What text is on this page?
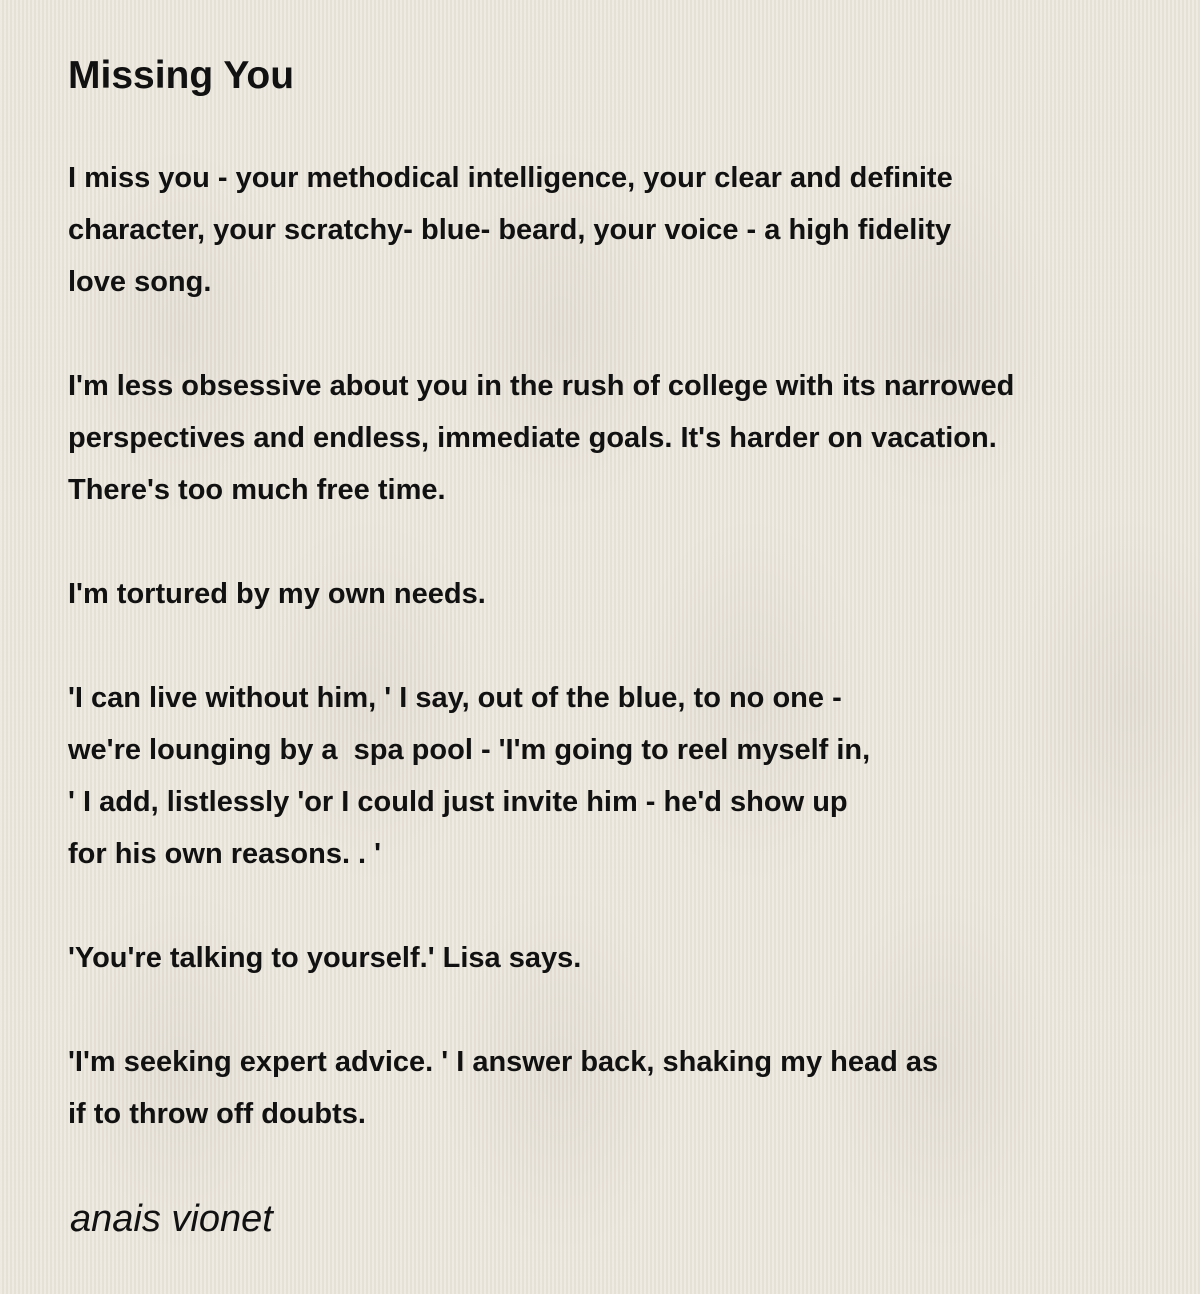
Missing You

I miss you - your methodical intelligence, your clear and definite
character, your scratchy- blue- beard, your voice - a high fidelity
love song.

I'm less obsessive about you in the rush of college with its narrowed
perspectives and endless, immediate goals. It's harder on vacation.
There's too much free time.

I'm tortured by my own needs.

'I can live without him, ' I say, out of the blue, to no one -
we're lounging by a  spa pool - 'I'm going to reel myself in,
' I add, listlessly 'or I could just invite him - he'd show up
for his own reasons. . '

'You're talking to yourself.' Lisa says.

'I'm seeking expert advice. ' I answer back, shaking my head as
if to throw off doubts.

anais vionet
